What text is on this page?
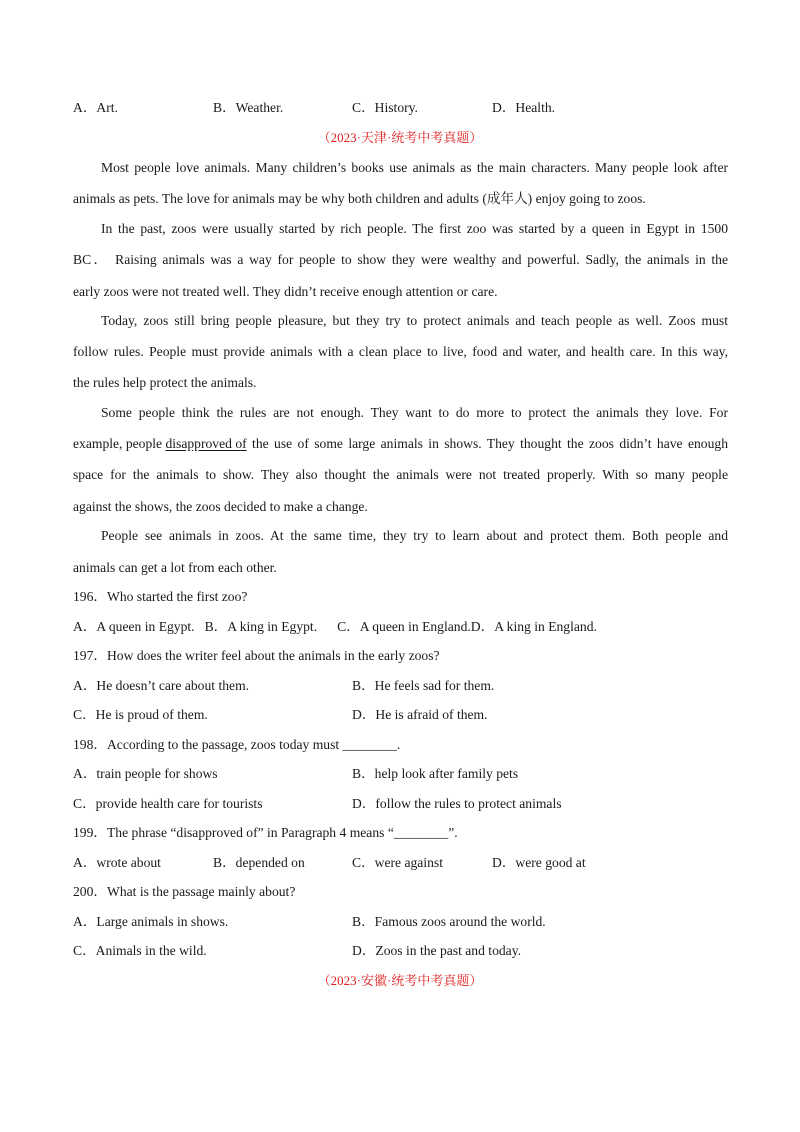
A．Art.	B．Weather.	C．History.	D．Health.
（2023·天津·统考中考真题）
Most people love animals. Many children’s books use animals as the main characters. Many people look after
animals as pets. The love for animals may be why both children and adults (成年人) enjoy going to zoos.
In the past, zoos were usually started by rich people. The first zoo was started by a queen in Egypt in 1500
BC． Raising animals was a way for people to show they were wealthy and powerful. Sadly, the animals in the
early zoos were not treated well. They didn’t receive enough attention or care.
Today, zoos still bring people pleasure, but they try to protect animals and teach people as well. Zoos must
follow rules. People must provide animals with a clean place to live, food and water, and health care. In this way,
the rules help protect the animals.
Some people think the rules are not enough. They want to do more to protect the animals they love. For
example, people disapproved of the use of some large animals in shows. They thought the zoos didn’t have enough
space for the animals to show. They also thought the animals were not treated properly. With so many people
against the shows, the zoos decided to make a change.
People see animals in zoos. At the same time, they try to learn about and protect them. Both people and
animals can get a lot from each other.
196．Who started the first zoo?
A．A queen in Egypt. B．A king in Egypt. C．A queen in England.D．A king in England.
197．How does the writer feel about the animals in the early zoos?
A．He doesn’t care about them.	B．He feels sad for them.
C．He is proud of them.	D．He is afraid of them.
198．According to the passage, zoos today must ________.
A．train people for shows	B．help look after family pets
C．provide health care for tourists	D．follow the rules to protect animals
199．The phrase “disapproved of” in Paragraph 4 means “________”.
A．wrote about	B．depended on	C．were against	D．were good at
200．What is the passage mainly about?
A．Large animals in shows.	B．Famous zoos around the world.
C．Animals in the wild.	D．Zoos in the past and today.
（2023·安徽·统考中考真题）
